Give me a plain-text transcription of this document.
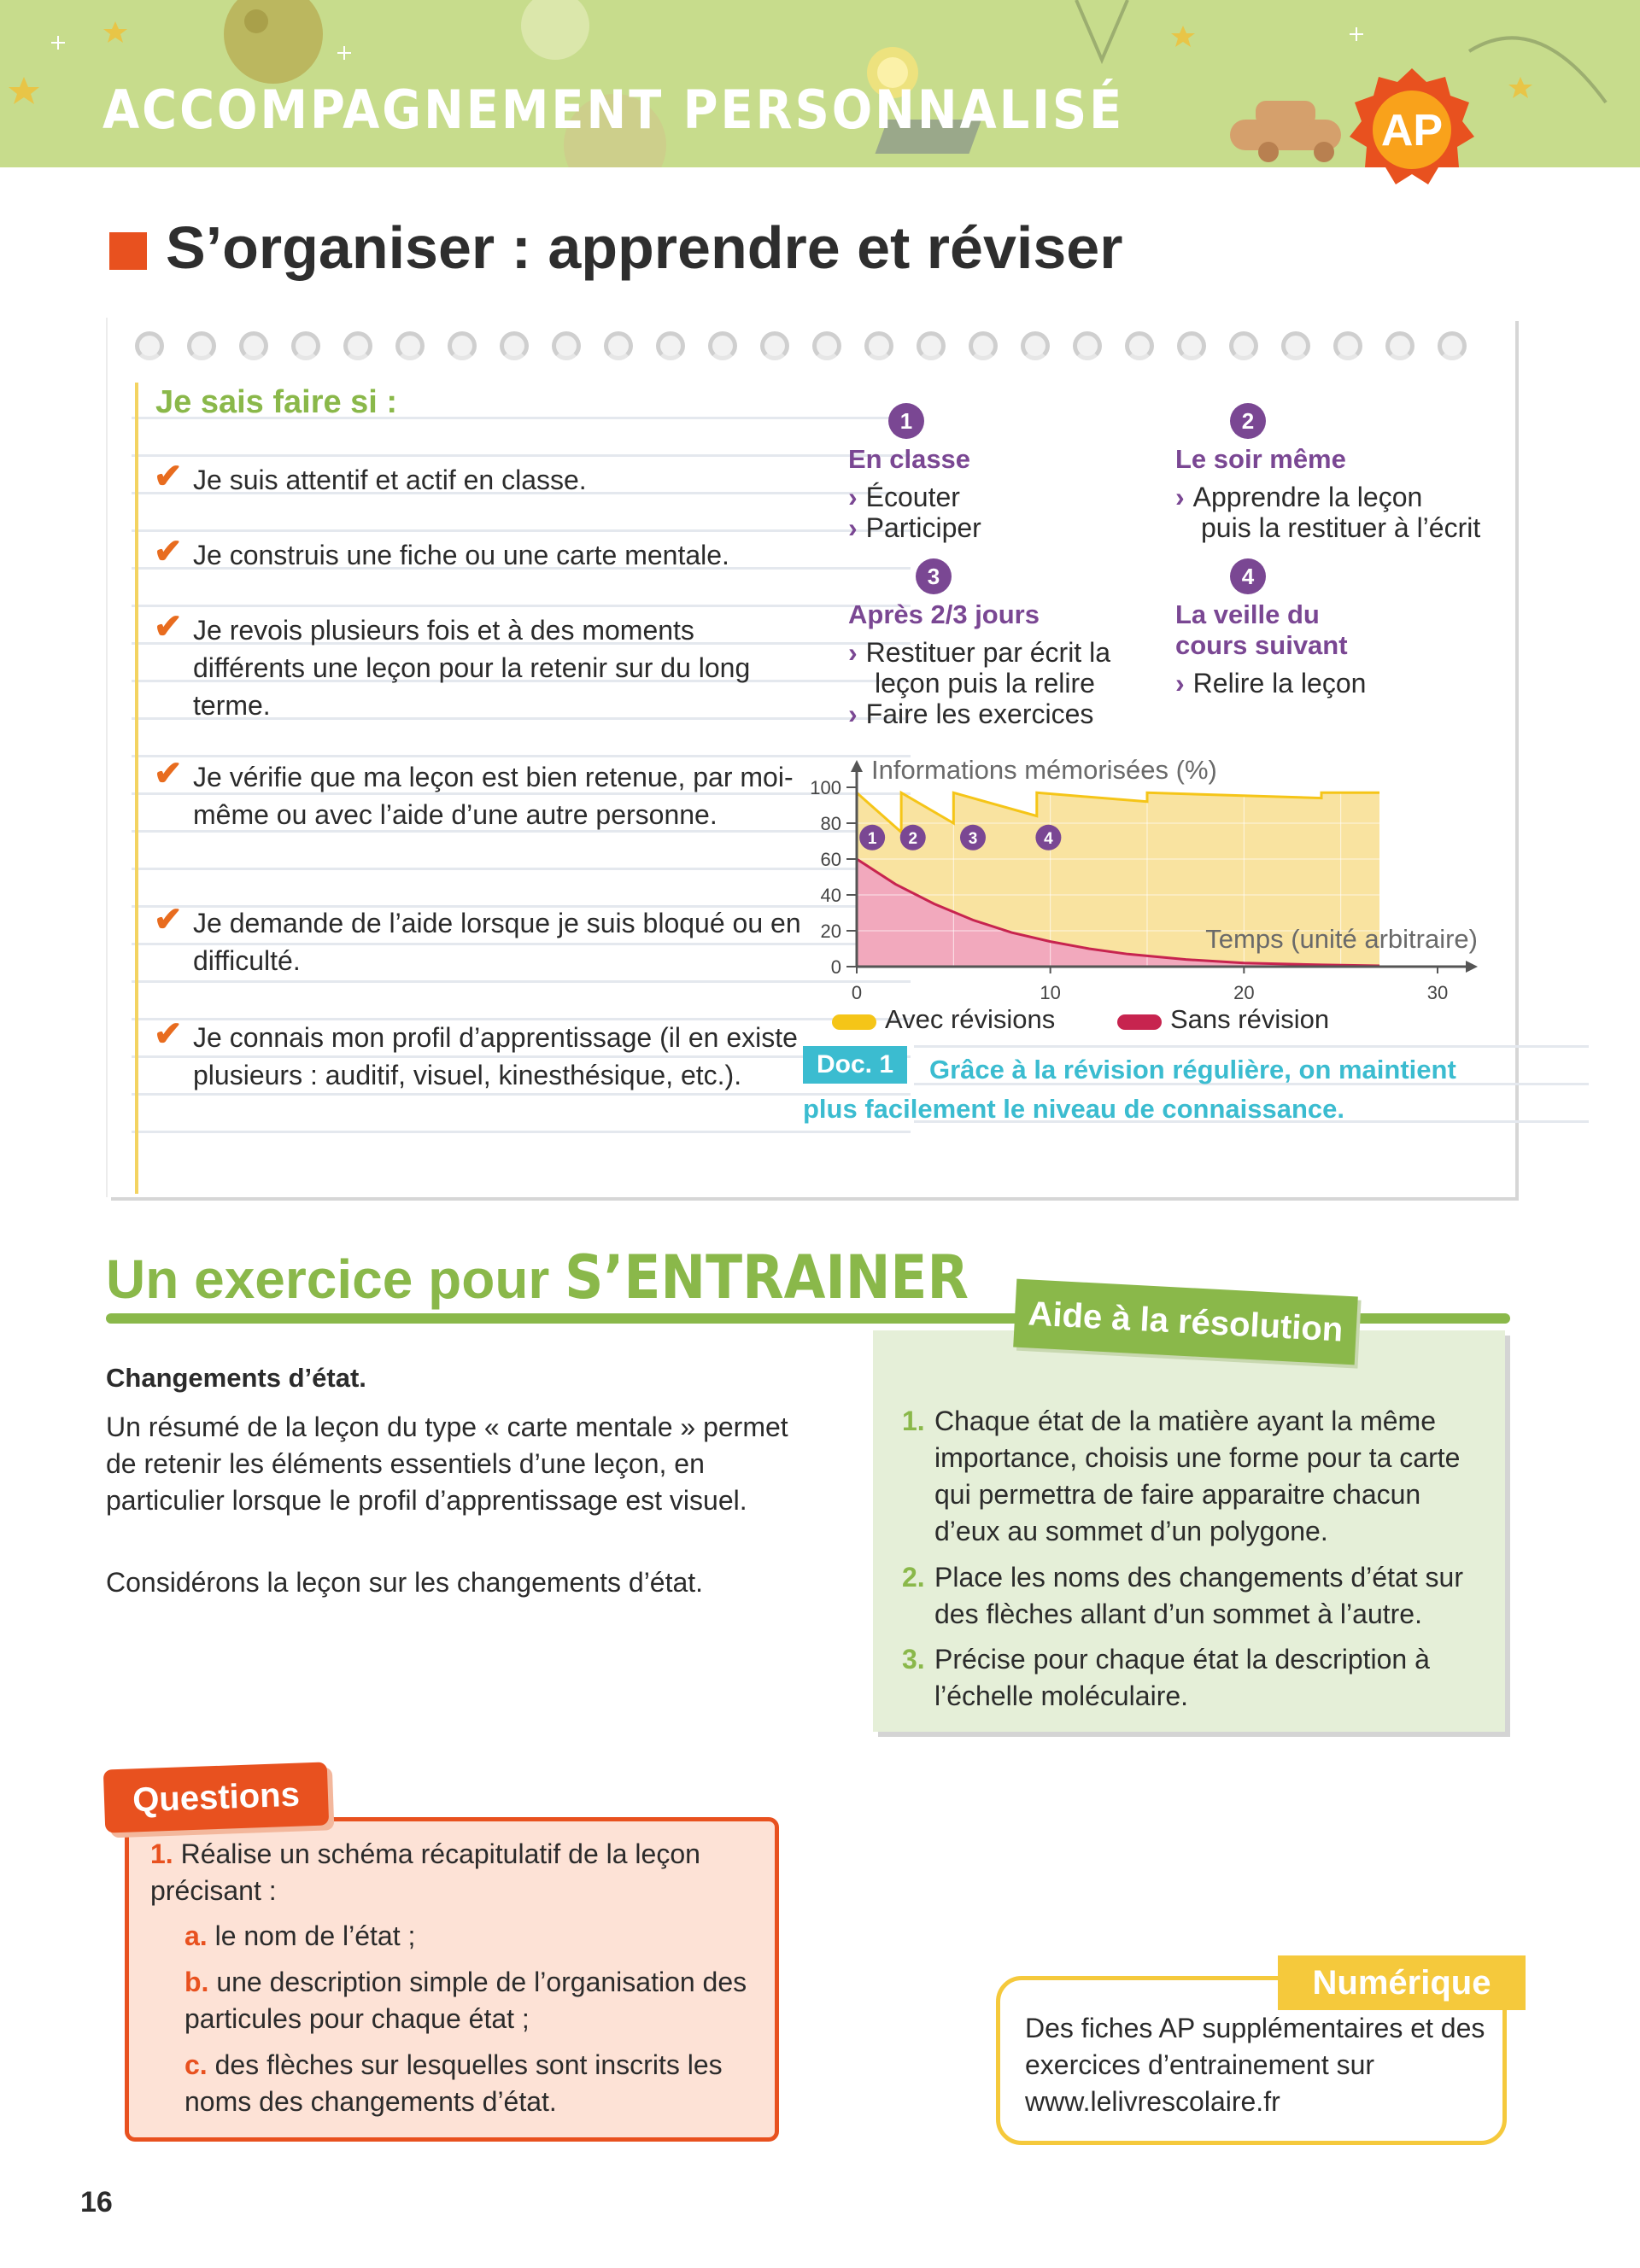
ACCOMPAGNEMENT PERSONNALISÉ	AP
S’organiser : apprendre et réviser
Je sais faire si :
✔ Je suis attentif et actif en classe.
✔ Je construis une fiche ou une carte mentale.
✔ Je revois plusieurs fois et à des moments différents une leçon pour la retenir sur du long terme.
✔ Je vérifie que ma leçon est bien retenue, par moi-même ou avec l’aide d’une autre personne.
✔ Je demande de l’aide lorsque je suis bloqué ou en difficulté.
✔ Je connais mon profil d’apprentissage (il en existe plusieurs : auditif, visuel, kinesthésique, etc.).
1
En classe
› Écouter
› Participer
2
Le soir même
› Apprendre la leçon
puis la restituer à l’écrit
3
Après 2/3 jours
› Restituer par écrit la
leçon puis la relire
› Faire les exercices
4
La veille du
cours suivant
› Relire la leçon
0
20
40
60
80
100
0	10	20	30
Informations mémorisées (%)
Temps (unité arbitraire)
1 2	3	4
Avec révisions	Sans révision
Grâce à la révision régulière, on maintient plus facilement le niveau de connaissance.
Doc. 1
Un exercice pour S’ENTRAINER
Changements d’état.
Un résumé de la leçon du type « carte mentale » permet de retenir les éléments essentiels d’une leçon, en particulier lorsque le profil d’apprentissage est visuel.
Considérons la leçon sur les changements d’état.
Aide à la résolution
1. Chaque état de la matière ayant la même importance, choisis une forme pour ta carte qui permettra de faire apparaitre chacun d’eux au sommet d’un polygone.
2. Place les noms des changements d’état sur des flèches allant d’un sommet à l’autre.
3. Précise pour chaque état la description à l’échelle moléculaire.
Questions
1. Réalise un schéma récapitulatif de la leçon précisant :
a. le nom de l’état ;
b. une description simple de l’organisation des particules pour chaque état ;
c. des flèches sur lesquelles sont inscrits les noms des changements d’état.
Numérique
Des fiches AP supplémentaires et des exercices d’entrainement sur www.lelivrescolaire.fr
16
